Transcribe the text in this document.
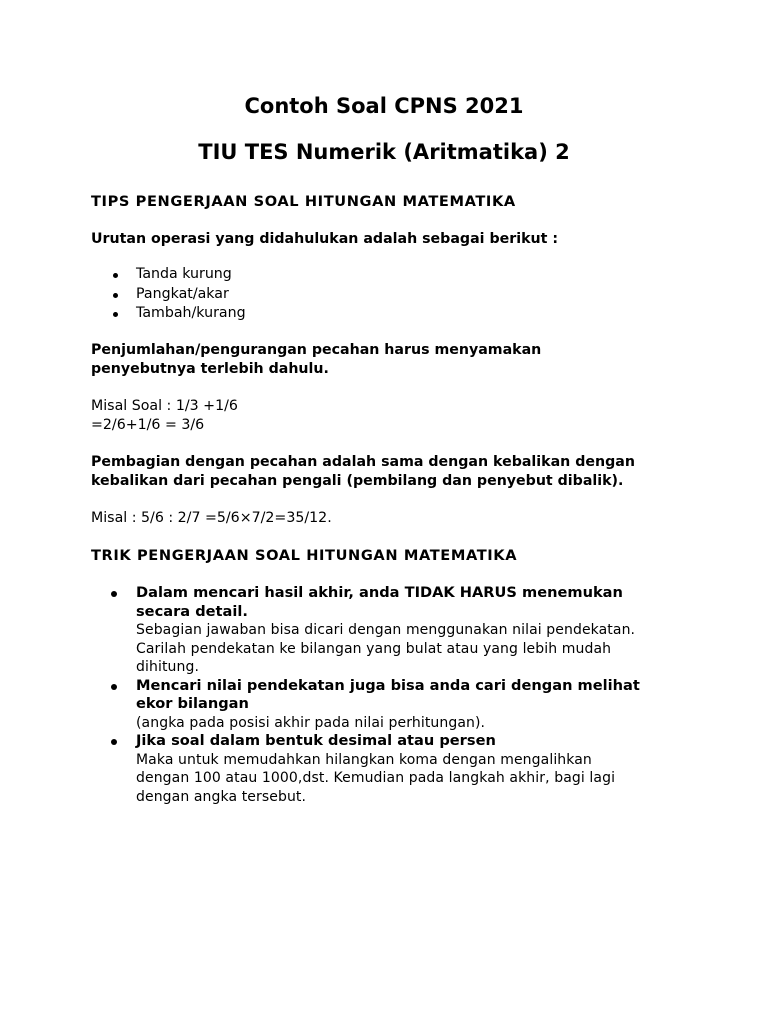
Contoh Soal CPNS 2021
TIU TES Numerik (Aritmatika) 2

TIPS PENGERJAAN SOAL HITUNGAN MATEMATIKA

Urutan operasi yang didahulukan adalah sebagai berikut :

Tanda kurung
Pangkat/akar
Tambah/kurang

Penjumlahan/pengurangan pecahan harus menyamakan
penyebutnya terlebih dahulu.

Misal Soal : 1/3 +1/6
=2/6+1/6 = 3/6

Pembagian dengan pecahan adalah sama dengan kebalikan dengan
kebalikan dari pecahan pengali (pembilang dan penyebut dibalik).

Misal : 5/6 : 2/7 =5/6×7/2=35/12.

TRIK PENGERJAAN SOAL HITUNGAN MATEMATIKA

Dalam mencari hasil akhir, anda TIDAK HARUS menemukan
secara detail.
Sebagian jawaban bisa dicari dengan menggunakan nilai pendekatan.
Carilah pendekatan ke bilangan yang bulat atau yang lebih mudah
dihitung.
Mencari nilai pendekatan juga bisa anda cari dengan melihat
ekor bilangan
(angka pada posisi akhir pada nilai perhitungan).
Jika soal dalam bentuk desimal atau persen
Maka untuk memudahkan hilangkan koma dengan mengalihkan
dengan 100 atau 1000,dst. Kemudian pada langkah akhir, bagi lagi
dengan angka tersebut.
